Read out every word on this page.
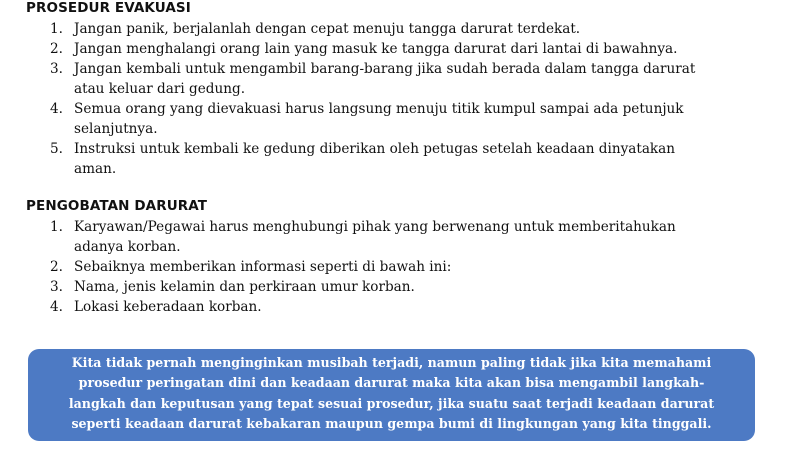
PROSEDUR EVAKUASI
1. Jangan panik, berjalanlah dengan cepat menuju tangga darurat terdekat.
2. Jangan menghalangi orang lain yang masuk ke tangga darurat dari lantai di bawahnya.
3. Jangan kembali untuk mengambil barang-barang jika sudah berada dalam tangga darurat
atau keluar dari gedung.
4. Semua orang yang dievakuasi harus langsung menuju titik kumpul sampai ada petunjuk
selanjutnya.
5. Instruksi untuk kembali ke gedung diberikan oleh petugas setelah keadaan dinyatakan
aman.
PENGOBATAN DARURAT
1. Karyawan/Pegawai harus menghubungi pihak yang berwenang untuk memberitahukan
adanya korban.
2. Sebaiknya memberikan informasi seperti di bawah ini:
3. Nama, jenis kelamin dan perkiraan umur korban.
4. Lokasi keberadaan korban.
Kita tidak pernah menginginkan musibah terjadi, namun paling tidak jika kita memahami
prosedur peringatan dini dan keadaan darurat maka kita akan bisa mengambil langkah-
langkah dan keputusan yang tepat sesuai prosedur, jika suatu saat terjadi keadaan darurat
seperti keadaan darurat kebakaran maupun gempa bumi di lingkungan yang kita tinggali.
